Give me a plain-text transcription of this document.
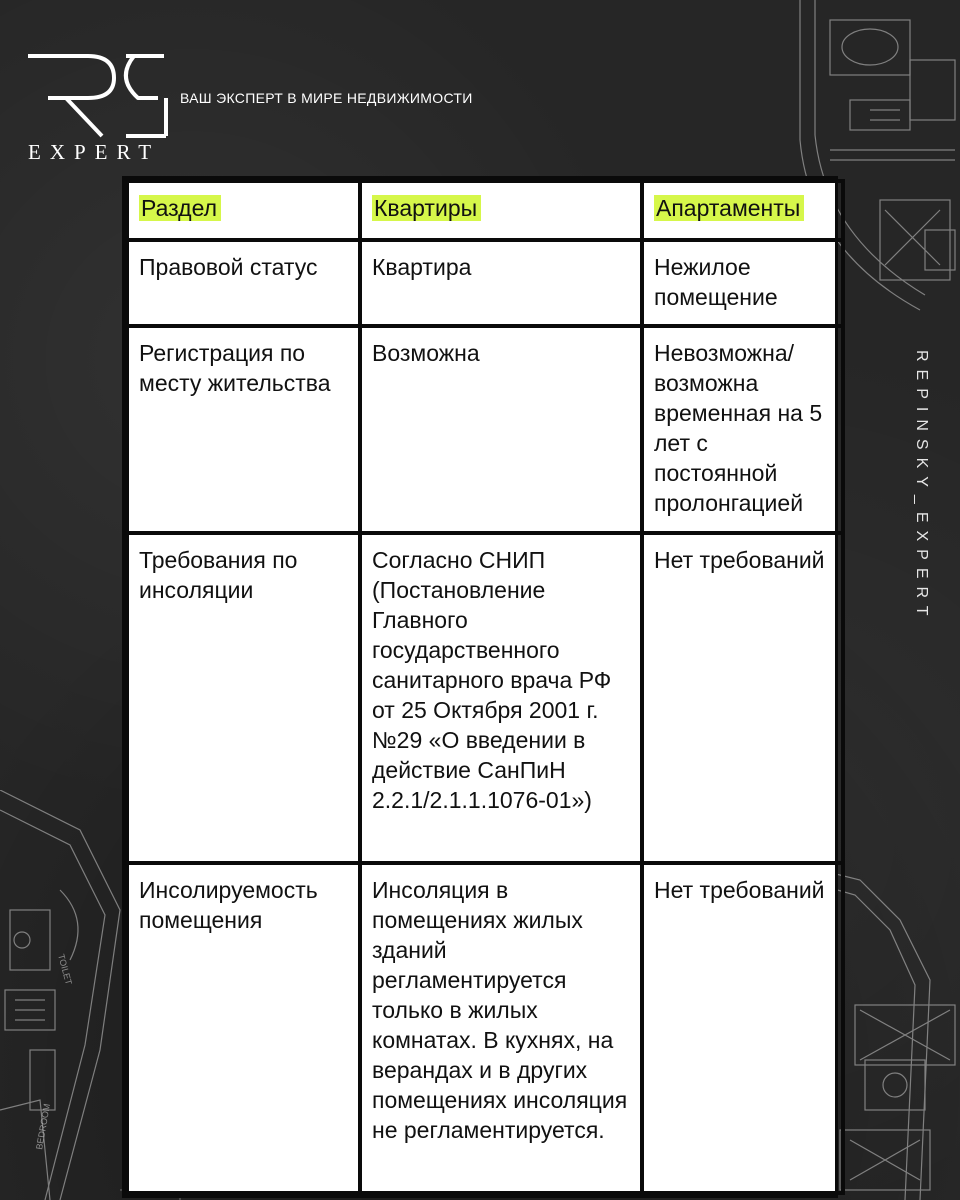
TOILET
BEDROOM
EXPERT
ВАШ ЭКСПЕРТ В МИРЕ НЕДВИЖИМОСТИ
REPINSKY_EXPERT
Раздел	Квартиры	Апартаменты
Правовой статус	Квартира	Нежилое помещение
Регистрация по месту жительства	Возможна	Невозможна/ возможна временная на 5 лет с постоянной пролонгацией
Требования по инсоляции	Согласно СНИП (Постановление Главного государственного санитарного врача РФ от 25 Октября 2001 г. №29 «О введении в действие СанПиН 2.2.1/2.1.1.1076-01»)	Нет требований
Инсолируемость помещения	Инсоляция в помещениях жилых зданий регламентируется только в жилых комнатах. В кухнях, на верандах и в других помещениях инсоляция не регламентируется.	Нет требований
